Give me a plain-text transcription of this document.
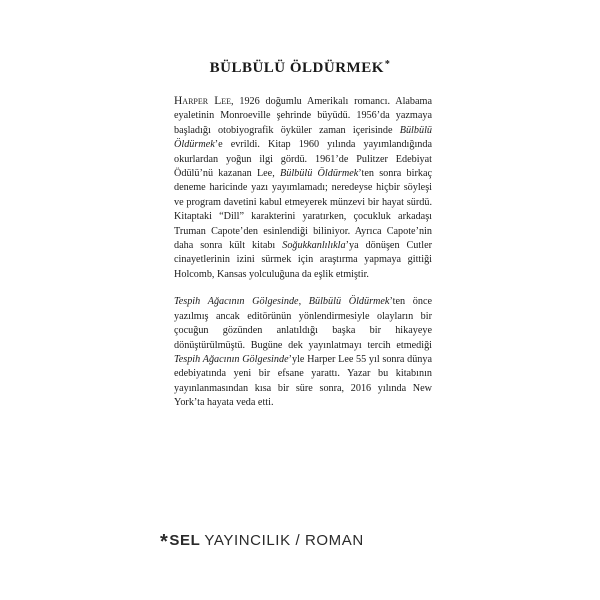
BÜLBÜLÜ ÖLDÜRMEK*

Harper Lee, 1926 doğumlu Amerikalı romancı. Alabama eyaletinin Monroeville şehrinde büyüdü. 1956’da yazmaya başladığı otobiyografik öyküler zaman içerisinde Bülbülü Öldürmek’e evrildi. Kitap 1960 yılında yayımlandığında okurlardan yoğun ilgi gördü. 1961’de Pulitzer Edebiyat Ödülü’nü kazanan Lee, Bülbülü Öldürmek’ten sonra birkaç deneme haricinde yazı yayımlamadı; neredeyse hiçbir söyleşi ve program davetini kabul etmeyerek münzevi bir hayat sürdü. Kitaptaki “Dill” karakterini yaratırken, çocukluk arkadaşı Truman Capote’den esinlendiği biliniyor. Ayrıca Capote’nin daha sonra kült kitabı Soğukkanlılıkla’ya dönüşen Cutler cinayetlerinin izini sürmek için araştırma yapmaya gittiği Holcomb, Kansas yolculuğuna da eşlik etmiştir.

Tespih Ağacının Gölgesinde, Bülbülü Öldürmek’ten önce yazılmış ancak editörünün yönlendirmesiyle olayların bir çocuğun gözünden anlatıldığı başka bir hikayeye dönüştürülmüştü. Bugüne dek yayınlatmayı tercih etmediği Tespih Ağacının Gölgesinde’yle Harper Lee 55 yıl sonra dünya edebiyatında yeni bir efsane yarattı. Yazar bu kitabının yayınlanmasından kısa bir süre sonra, 2016 yılında New York’ta hayata veda etti.

*SEL YAYINCILIK / ROMAN
